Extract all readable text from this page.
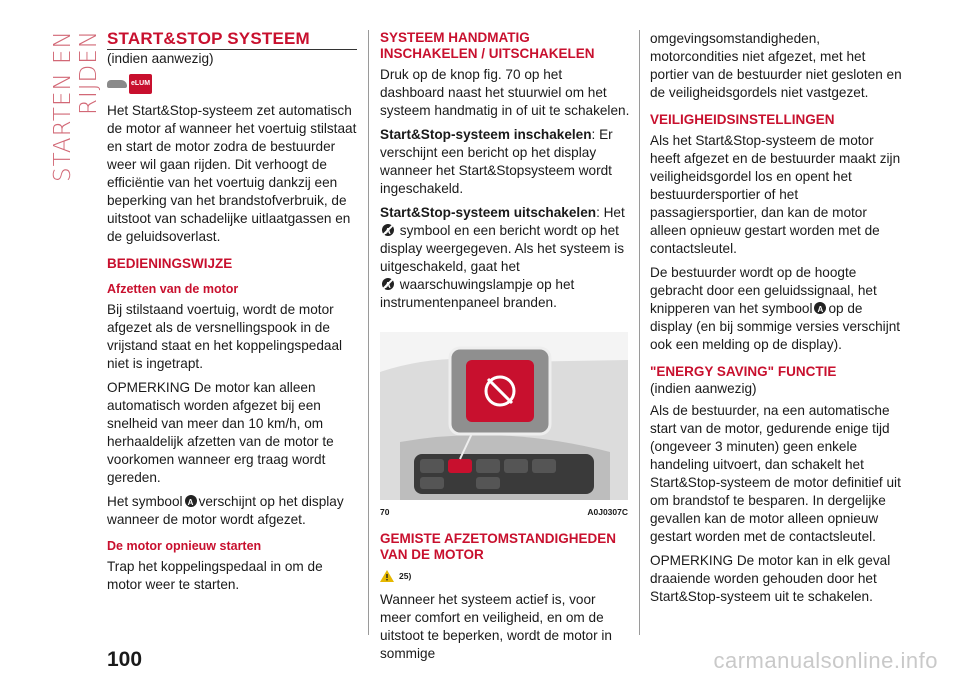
STARTEN EN RIJDEN START&STOP SYSTEEM

(indien aanwezig)

eLUM

Het Start&Stop-systeem zet automatisch de motor af wanneer het voertuig stilstaat en start de motor zodra de bestuurder weer wil gaan rijden. Dit verhoogt de efficiëntie van het voertuig dankzij een beperking van het brandstofverbruik, de uitstoot van schadelijke uitlaatgassen en de geluidsoverlast.

BEDIENINGSWIJZE
Afzetten van de motor

Bij stilstaand voertuig, wordt de motor afgezet als de versnellingspook in de vrijstand staat en het koppelingspedaal niet is ingetrapt.

OPMERKING De motor kan alleen automatisch worden afgezet bij een snelheid van meer dan 10 km/h, om herhaaldelijk afzetten van de motor te voorkomen wanneer erg traag wordt gereden.

Het symbool A verschijnt op het display wanneer de motor wordt afgezet.

De motor opnieuw starten

Trap het koppelingspedaal in om de motor weer te starten.

SYSTEEM HANDMATIG INSCHAKELEN / UITSCHAKELEN

Druk op de knop fig. 70 op het dashboard naast het stuurwiel om het systeem handmatig in of uit te schakelen.

Start&Stop-systeem inschakelen: Er verschijnt een bericht op het display wanneer het Start&Stopsysteem wordt ingeschakeld.

Start&Stop-systeem uitschakelen: Het
A symbool en een bericht wordt op het display weergegeven. Als het systeem is uitgeschakeld, gaat het
A waarschuwingslampje op het instrumentenpaneel branden.

70	A0J0307C
GEMISTE AFZETOMSTANDIGHEDEN VAN DE MOTOR
25)

Wanneer het systeem actief is, voor meer comfort en veiligheid, en om de uitstoot te beperken, wordt de motor in sommige

omgevingsomstandigheden, motorcondities niet afgezet, met het portier van de bestuurder niet gesloten en de veiligheidsgordels niet vastgezet.

VEILIGHEIDSINSTELLINGEN

Als het Start&Stop-systeem de motor heeft afgezet en de bestuurder maakt zijn veiligheidsgordel los en opent het bestuurdersportier of het passagiersportier, dan kan de motor alleen opnieuw gestart worden met de contactsleutel.

De bestuurder wordt op de hoogte gebracht door een geluidssignaal, het knipperen van het symbool A op de display (en bij sommige versies verschijnt ook een melding op de display).

"ENERGY SAVING" FUNCTIE

(indien aanwezig)

Als de bestuurder, na een automatische start van de motor, gedurende enige tijd (ongeveer 3 minuten) geen enkele handeling uitvoert, dan schakelt het Start&Stop-systeem de motor definitief uit om brandstof te besparen. In dergelijke gevallen kan de motor alleen opnieuw gestart worden met de contactsleutel.

OPMERKING De motor kan in elk geval draaiende worden gehouden door het Start&Stop-systeem uit te schakelen.

100	carmanualsonline.info
